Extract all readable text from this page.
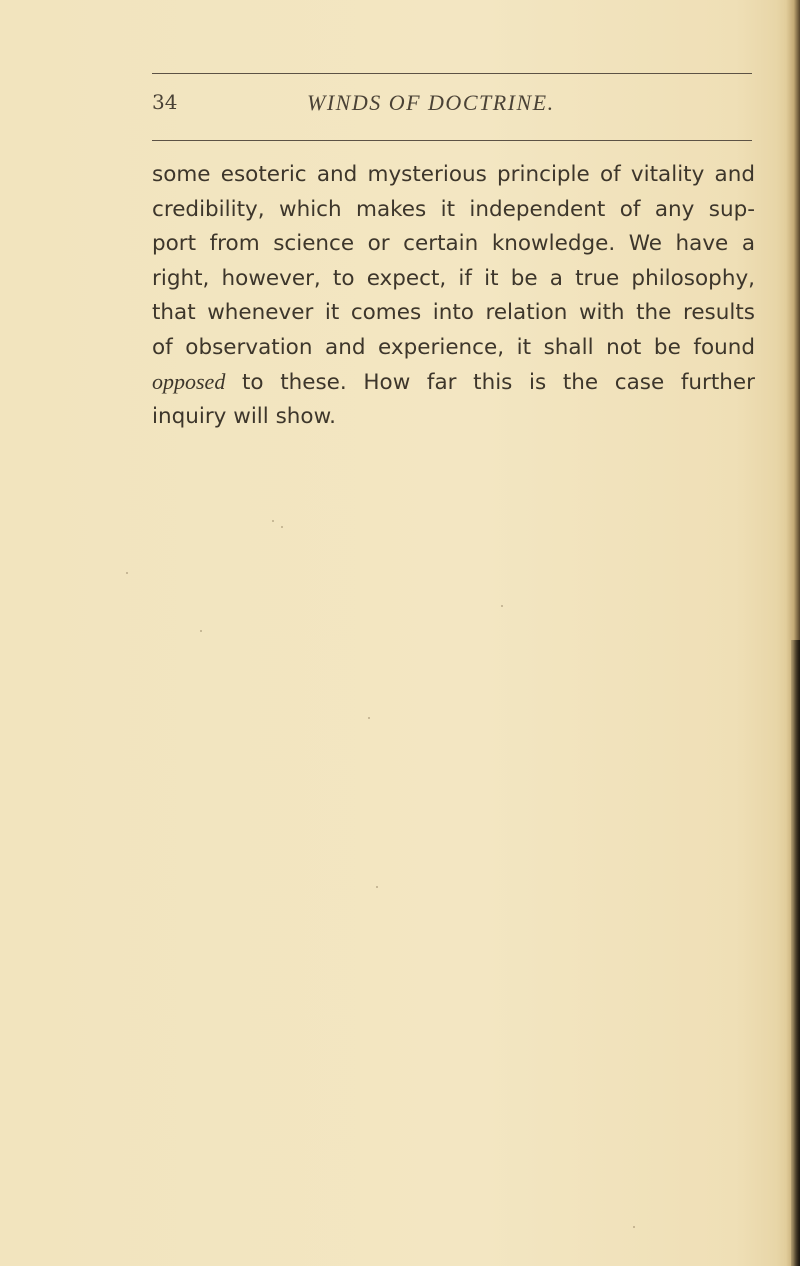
34	WINDS OF DOCTRINE.
some esoteric and mysterious principle of vitality and
credibility, which makes it independent of any sup-
port from science or certain knowledge. We have a
right, however, to expect, if it be a true philosophy,
that whenever it comes into relation with the results
of observation and experience, it shall not be found
opposed to these. How far this is the case further
inquiry will show.
